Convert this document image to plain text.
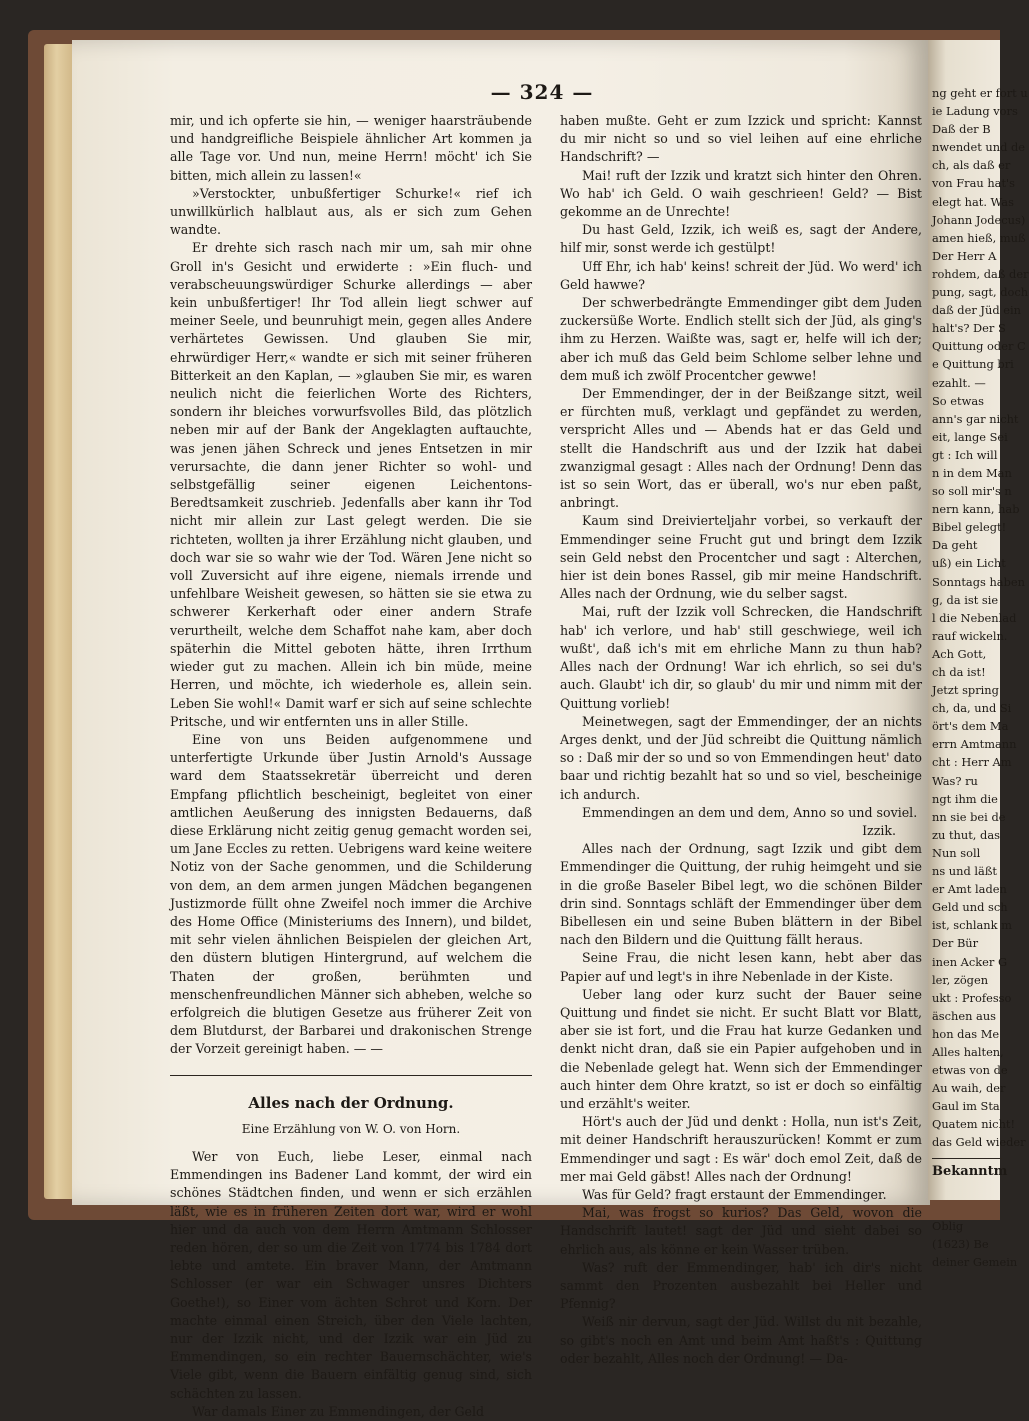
— 324 —

mir, und ich opferte sie hin, — weniger haarsträubende und handgreifliche Beispiele ähnlicher Art kommen ja alle Tage vor. Und nun, meine Herrn! möcht' ich Sie bitten, mich allein zu lassen!«

»Verstockter, unbußfertiger Schurke!« rief ich unwillkürlich halblaut aus, als er sich zum Gehen wandte.

Er drehte sich rasch nach mir um, sah mir ohne Groll in's Gesicht und erwiderte : »Ein fluch- und verabscheuungswürdiger Schurke allerdings — aber kein unbußfertiger! Ihr Tod allein liegt schwer auf meiner Seele, und beunruhigt mein, gegen alles Andere verhärtetes Gewissen. Und glauben Sie mir, ehrwürdiger Herr,« wandte er sich mit seiner früheren Bitterkeit an den Kaplan, — »glauben Sie mir, es waren neulich nicht die feierlichen Worte des Richters, sondern ihr bleiches vorwurfsvolles Bild, das plötzlich neben mir auf der Bank der Angeklagten auftauchte, was jenen jähen Schreck und jenes Entsetzen in mir verursachte, die dann jener Richter so wohl- und selbstgefällig seiner eigenen Leichentons-Beredtsamkeit zuschrieb. Jedenfalls aber kann ihr Tod nicht mir allein zur Last gelegt werden. Die sie richteten, wollten ja ihrer Erzählung nicht glauben, und doch war sie so wahr wie der Tod. Wären Jene nicht so voll Zuversicht auf ihre eigene, niemals irrende und unfehlbare Weisheit gewesen, so hätten sie sie etwa zu schwerer Kerkerhaft oder einer andern Strafe verurtheilt, welche dem Schaffot nahe kam, aber doch späterhin die Mittel geboten hätte, ihren Irrthum wieder gut zu machen. Allein ich bin müde, meine Herren, und möchte, ich wiederhole es, allein sein. Leben Sie wohl!« Damit warf er sich auf seine schlechte Pritsche, und wir entfernten uns in aller Stille.

Eine von uns Beiden aufgenommene und unterfertigte Urkunde über Justin Arnold's Aussage ward dem Staatssekretär überreicht und deren Empfang pflichtlich bescheinigt, begleitet von einer amtlichen Aeußerung des innigsten Bedauerns, daß diese Erklärung nicht zeitig genug gemacht worden sei, um Jane Eccles zu retten. Uebrigens ward keine weitere Notiz von der Sache genommen, und die Schilderung von dem, an dem armen jungen Mädchen begangenen Justizmorde füllt ohne Zweifel noch immer die Archive des Home Office (Ministeriums des Innern), und bildet, mit sehr vielen ähnlichen Beispielen der gleichen Art, den düstern blutigen Hintergrund, auf welchem die Thaten der großen, berühmten und menschenfreundlichen Männer sich abheben, welche so erfolgreich die blutigen Gesetze aus früherer Zeit von dem Blutdurst, der Barbarei und drakonischen Strenge der Vorzeit gereinigt haben. — —

Alles nach der Ordnung.
Eine Erzählung von W. O. von Horn.

Wer von Euch, liebe Leser, einmal nach Emmendingen ins Badener Land kommt, der wird ein schönes Städtchen finden, und wenn er sich erzählen läßt, wie es in früheren Zeiten dort war, wird er wohl hier und da auch von dem Herrn Amtmann Schlosser reden hören, der so um die Zeit von 1774 bis 1784 dort lebte und amtete. Ein braver Mann, der Amtmann Schlosser (er war ein Schwager unsres Dichters Goethe!), so Einer vom ächten Schrot und Korn. Der machte einmal einen Streich, über den Viele lachten, nur der Izzik nicht, und der Izzik war ein Jüd zu Emmendingen, so ein rechter Bauernschächter, wie's Viele gibt, wenn die Bauern einfältig genug sind, sich schächten zu lassen.

War damals Einer zu Emmendingen, der Geld

haben mußte. Geht er zum Izzick und spricht: Kannst du mir nicht so und so viel leihen auf eine ehrliche Handschrift? —

Mai! ruft der Izzik und kratzt sich hinter den Ohren. Wo hab' ich Geld. O waih geschrieen! Geld? — Bist gekomme an de Unrechte!

Du hast Geld, Izzik, ich weiß es, sagt der Andere, hilf mir, sonst werde ich gestülpt!

Uff Ehr, ich hab' keins! schreit der Jüd. Wo werd' ich Geld hawwe?

Der schwerbedrängte Emmendinger gibt dem Juden zuckersüße Worte. Endlich stellt sich der Jüd, als ging's ihm zu Herzen. Waißte was, sagt er, helfe will ich der; aber ich muß das Geld beim Schlome selber lehne und dem muß ich zwölf Procentcher gewwe!

Der Emmendinger, der in der Beißzange sitzt, weil er fürchten muß, verklagt und gepfändet zu werden, verspricht Alles und — Abends hat er das Geld und stellt die Handschrift aus und der Izzik hat dabei zwanzigmal gesagt : Alles nach der Ordnung! Denn das ist so sein Wort, das er überall, wo's nur eben paßt, anbringt.

Kaum sind Dreivierteljahr vorbei, so verkauft der Emmendinger seine Frucht gut und bringt dem Izzik sein Geld nebst den Procentcher und sagt : Alterchen, hier ist dein bones Rassel, gib mir meine Handschrift. Alles nach der Ordnung, wie du selber sagst.

Mai, ruft der Izzik voll Schrecken, die Handschrift hab' ich verlore, und hab' still geschwiege, weil ich wußt', daß ich's mit em ehrliche Mann zu thun hab? Alles nach der Ordnung! War ich ehrlich, so sei du's auch. Glaubt' ich dir, so glaub' du mir und nimm mit der Quittung vorlieb!

Meinetwegen, sagt der Emmendinger, der an nichts Arges denkt, und der Jüd schreibt die Quittung nämlich so : Daß mir der so und so von Emmendingen heut' dato baar und richtig bezahlt hat so und so viel, bescheinige ich andurch.

Emmendingen an dem und dem, Anno so und soviel.

Izzik.

Alles nach der Ordnung, sagt Izzik und gibt dem Emmendinger die Quittung, der ruhig heimgeht und sie in die große Baseler Bibel legt, wo die schönen Bilder drin sind. Sonntags schläft der Emmendinger über dem Bibellesen ein und seine Buben blättern in der Bibel nach den Bildern und die Quittung fällt heraus.

Seine Frau, die nicht lesen kann, hebt aber das Papier auf und legt's in ihre Nebenlade in der Kiste.

Ueber lang oder kurz sucht der Bauer seine Quittung und findet sie nicht. Er sucht Blatt vor Blatt, aber sie ist fort, und die Frau hat kurze Gedanken und denkt nicht dran, daß sie ein Papier aufgehoben und in die Nebenlade gelegt hat. Wenn sich der Emmendinger auch hinter dem Ohre kratzt, so ist er doch so einfältig und erzählt's weiter.

Hört's auch der Jüd und denkt : Holla, nun ist's Zeit, mit deiner Handschrift herauszurücken! Kommt er zum Emmendinger und sagt : Es wär' doch emol Zeit, daß de mer mai Geld gäbst! Alles nach der Ordnung!

Was für Geld? fragt erstaunt der Emmendinger.

Mai, was frogst so kurios? Das Geld, wovon die Handschrift lautet! sagt der Jüd und sieht dabei so ehrlich aus, als könne er kein Wasser trüben.

Was? ruft der Emmendinger, hab' ich dir's nicht sammt den Prozenten ausbezahlt bei Heller und Pfennig?

Weiß nir dervun, sagt der Jüd. Willst du nit bezahle, so gibt's noch en Amt und beim Amt haßt's : Quittung oder bezahlt, Alles noch der Ordnung! — Da-

ng geht er fort u
ie Ladung vors
Daß der B
nwendet und de
ch, als daß er
von Frau hat's
elegt hat. Was
Johann Jodecus)
amen hieß, muß
Der Herr A
rohdem, daß der
pung, sagt, doch
daß der Jüd ein
halt's? Der S
Quittung oder C
e Quittung bri
ezahlt. —
So etwas
ann's gar nicht
eit, lange Sei
gt : Ich will
n in dem Man
so soll mir's n
nern kann, hab
Bibel gelegt!
Da geht
uß) ein Licht
Sonntags haben
g, da ist sie
l die Nebenlad
rauf wickeln.
Ach Gott,
ch da ist!
Jetzt spring
ch, da, und Si
ört's dem Ma
errn Amtmann
cht : Herr Am
Was? ru
ngt ihm die
nn sie bei de
zu thut, das
Nun soll
ns und läßt
er Amt laden
Geld und sch
ist, schlank m
Der Bür
inen Acker G
ler, zögen
ukt : Professo
äschen aus
hon das Me
Alles halten,
etwas von de
Au waih, der
Gaul im Sta
Quatem nicht!
das Geld wieder
Bekanntm
Oblig
(1623) Be
deiner Gemein
